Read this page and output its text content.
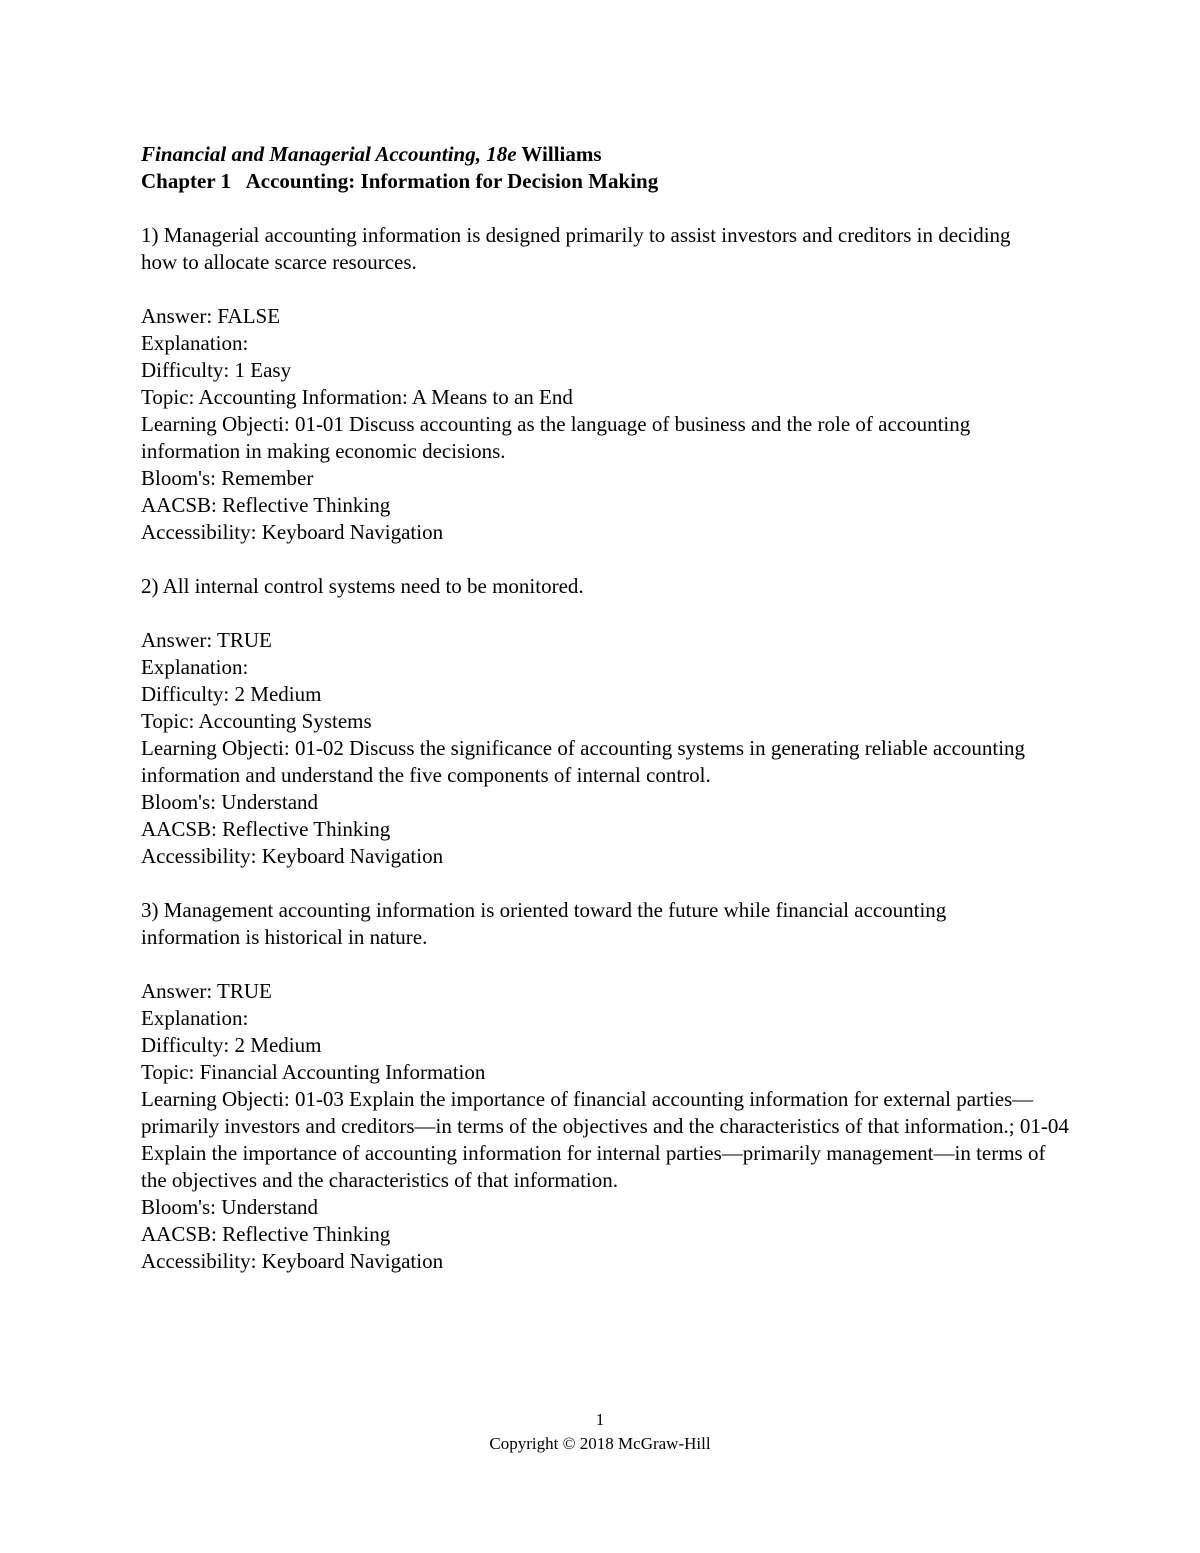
Financial and Managerial Accounting, 18e Williams
Chapter 1   Accounting: Information for Decision Making
1) Managerial accounting information is designed primarily to assist investors and creditors in deciding how to allocate scarce resources.
Answer: FALSE
Explanation:
Difficulty: 1 Easy
Topic: Accounting Information: A Means to an End
Learning Objecti: 01-01 Discuss accounting as the language of business and the role of accounting information in making economic decisions.
Bloom's: Remember
AACSB: Reflective Thinking
Accessibility: Keyboard Navigation
2) All internal control systems need to be monitored.
Answer: TRUE
Explanation:
Difficulty: 2 Medium
Topic: Accounting Systems
Learning Objecti: 01-02 Discuss the significance of accounting systems in generating reliable accounting information and understand the five components of internal control.
Bloom's: Understand
AACSB: Reflective Thinking
Accessibility: Keyboard Navigation
3) Management accounting information is oriented toward the future while financial accounting information is historical in nature.
Answer: TRUE
Explanation:
Difficulty: 2 Medium
Topic: Financial Accounting Information
Learning Objecti: 01-03 Explain the importance of financial accounting information for external parties—primarily investors and creditors—in terms of the objectives and the characteristics of that information.; 01-04 Explain the importance of accounting information for internal parties—primarily management—in terms of the objectives and the characteristics of that information.
Bloom's: Understand
AACSB: Reflective Thinking
Accessibility: Keyboard Navigation
1
Copyright © 2018 McGraw-Hill
